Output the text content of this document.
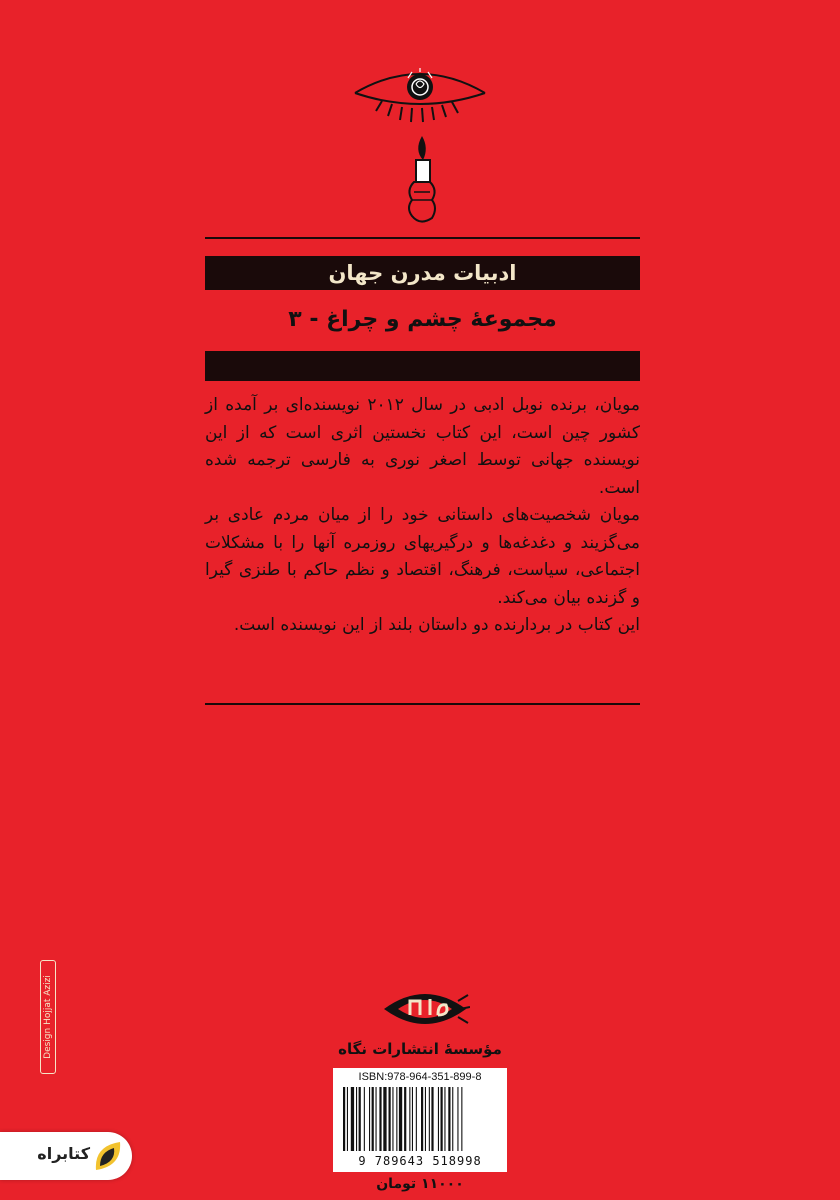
ادبیات مدرن جهان
مجموعهٔ چشم و چراغ - ۳

مویان، برنده نوبل ادبی در سال ۲۰۱۲ نویسنده‌ای بر آمده از کشور چین است، این کتاب نخستین اثری است که از این نویسنده جهانی توسط اصغر نوری به فارسی ترجمه شده است.

مویان شخصیت‌های داستانی خود را از میان مردم عادی بر می‌گزیند و دغدغه‌ها و درگیریهای روزمره آنها را با مشکلات اجتماعی، سیاست، فرهنگ، اقتصاد و نظم حاکم با طنزی گیرا و گزنده بیان می‌کند.

این کتاب در بردارنده دو داستان بلند از این نویسنده است.

Design Hojjat Azizi	مؤسسهٔ انتشارات نگاه
ISBN:978-964-351-899-8
9 789643 518998
۱۱۰۰۰ تومان
کتابراه
